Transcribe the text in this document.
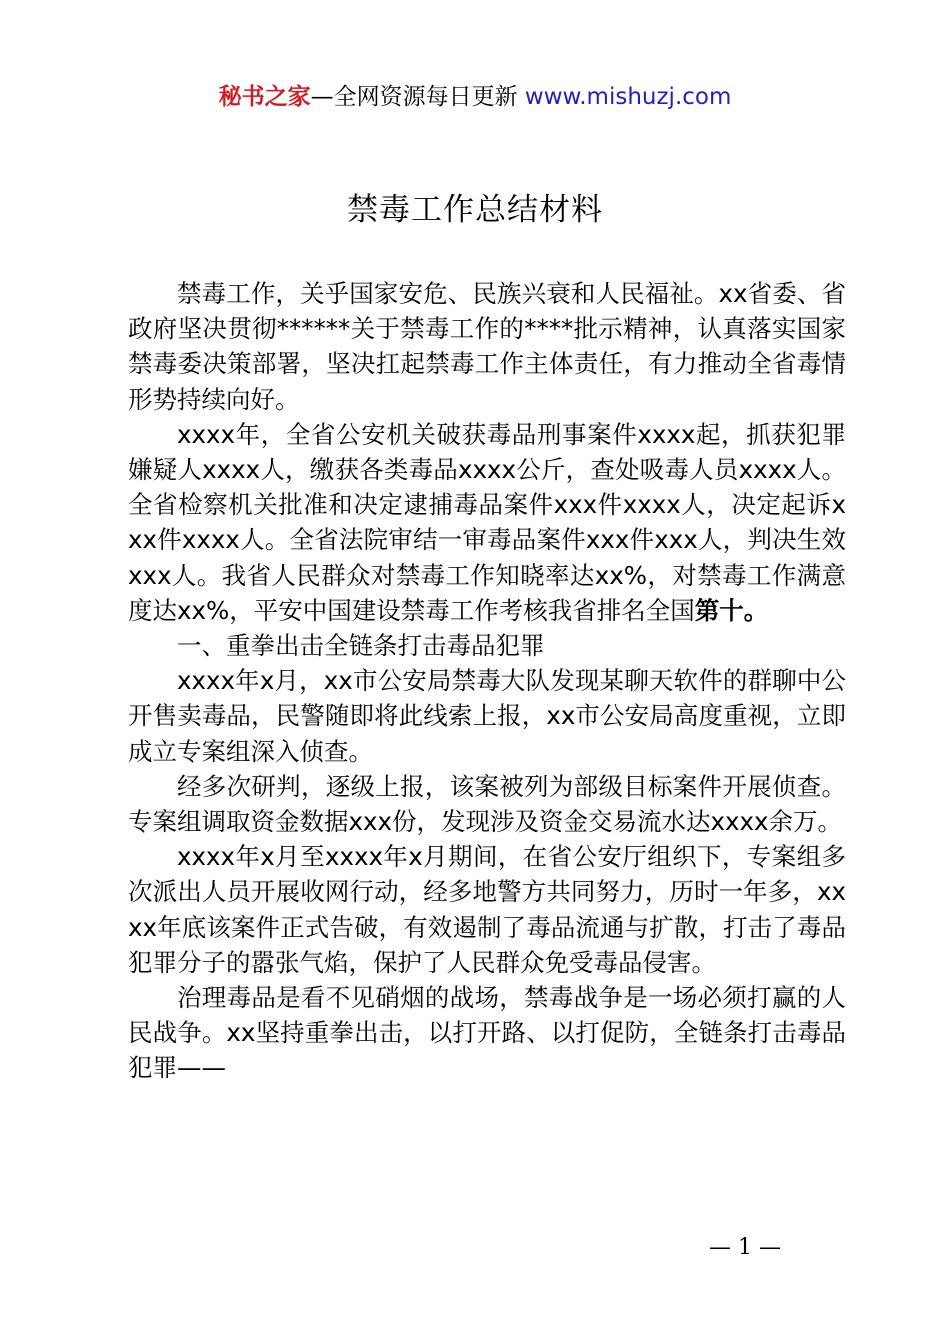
秘书之家—全网资源每日更新 www.mishuzj.com
禁毒工作总结材料

禁毒工作，关乎国家安危、民族兴衰和人民福祉。xx省委、省政府坚决贯彻******关于禁毒工作的****批示精神，认真落实国家禁毒委决策部署，坚决扛起禁毒工作主体责任，有力推动全省毒情形势持续向好。

xxxx年，全省公安机关破获毒品刑事案件xxxx起，抓获犯罪嫌疑人xxxx人，缴获各类毒品xxxx公斤，查处吸毒人员xxxx人。全省检察机关批准和决定逮捕毒品案件xxx件xxxx人，决定起诉xxx件xxxx人。全省法院审结一审毒品案件xxx件xxx人，判决生效xxx人。我省人民群众对禁毒工作知晓率达xx%，对禁毒工作满意度达xx%，平安中国建设禁毒工作考核我省排名全国第十。

一、重拳出击全链条打击毒品犯罪

xxxx年x月，xx市公安局禁毒大队发现某聊天软件的群聊中公开售卖毒品，民警随即将此线索上报，xx市公安局高度重视，立即成立专案组深入侦查。

经多次研判，逐级上报，该案被列为部级目标案件开展侦查。专案组调取资金数据xxx份，发现涉及资金交易流水达xxxx余万。

xxxx年x月至xxxx年x月期间，在省公安厅组织下，专案组多次派出人员开展收网行动，经多地警方共同努力，历时一年多，xxxx年底该案件正式告破，有效遏制了毒品流通与扩散，打击了毒品犯罪分子的嚣张气焰，保护了人民群众免受毒品侵害。

治理毒品是看不见硝烟的战场，禁毒战争是一场必须打赢的人民战争。xx坚持重拳出击，以打开路、以打促防，全链条打击毒品犯罪——

— 1 —
